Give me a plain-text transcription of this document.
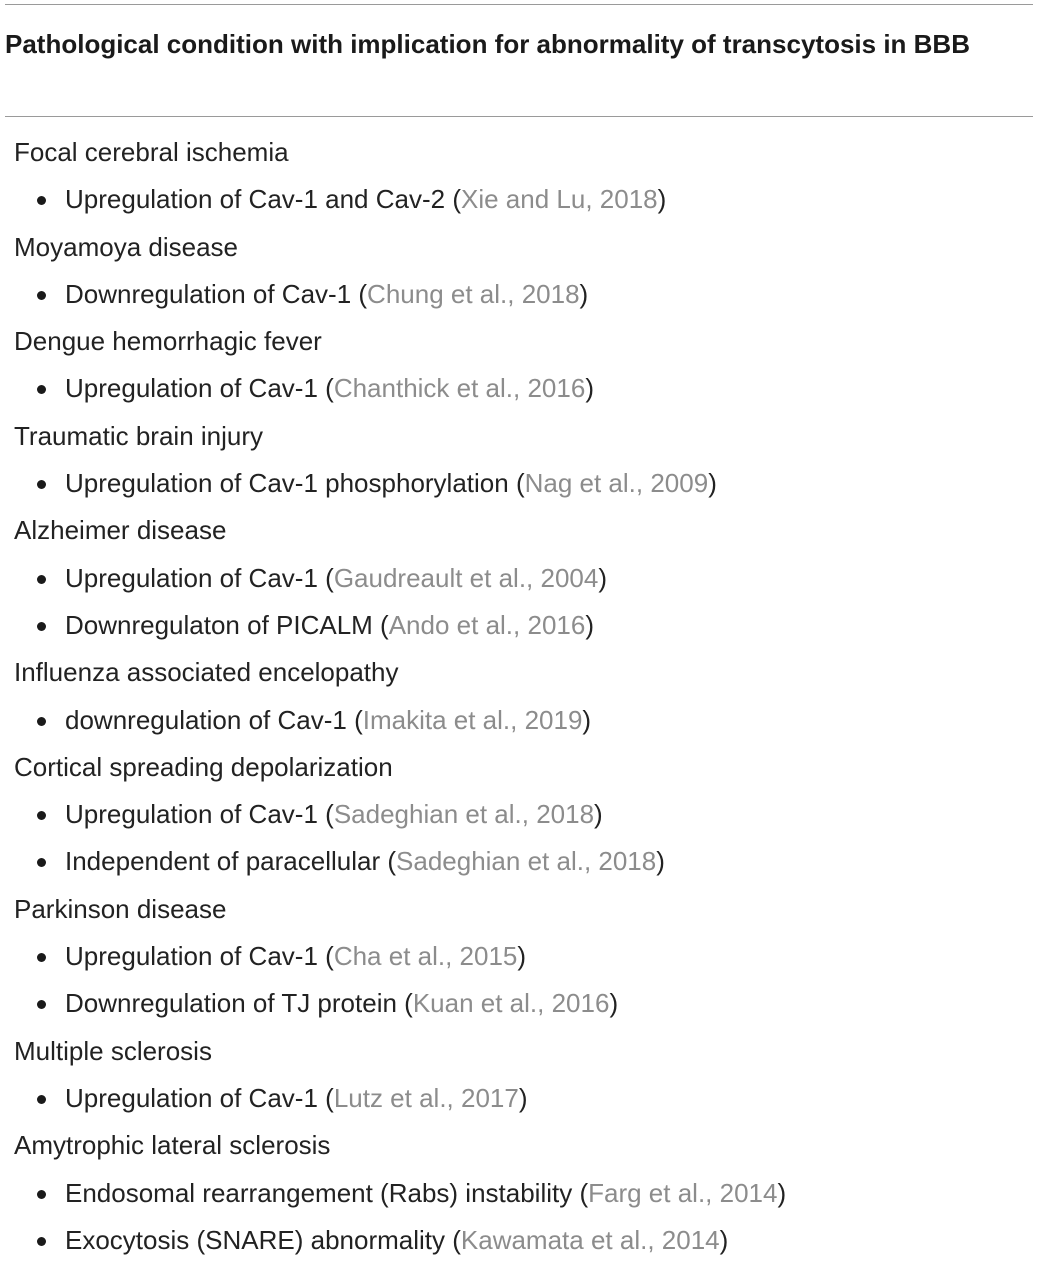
Pathological condition with implication for abnormality of transcytosis in BBB
Focal cerebral ischemia
Upregulation of Cav-1 and Cav-2 (Xie and Lu, 2018)
Moyamoya disease
Downregulation of Cav-1 (Chung et al., 2018)
Dengue hemorrhagic fever
Upregulation of Cav-1 (Chanthick et al., 2016)
Traumatic brain injury
Upregulation of Cav-1 phosphorylation (Nag et al., 2009)
Alzheimer disease
Upregulation of Cav-1 (Gaudreault et al., 2004)
Downregulaton of PICALM (Ando et al., 2016)
Influenza associated encelopathy
downregulation of Cav-1 (Imakita et al., 2019)
Cortical spreading depolarization
Upregulation of Cav-1 (Sadeghian et al., 2018)
Independent of paracellular (Sadeghian et al., 2018)
Parkinson disease
Upregulation of Cav-1 (Cha et al., 2015)
Downregulation of TJ protein (Kuan et al., 2016)
Multiple sclerosis
Upregulation of Cav-1 (Lutz et al., 2017)
Amytrophic lateral sclerosis
Endosomal rearrangement (Rabs) instability (Farg et al., 2014)
Exocytosis (SNARE) abnormality (Kawamata et al., 2014)
